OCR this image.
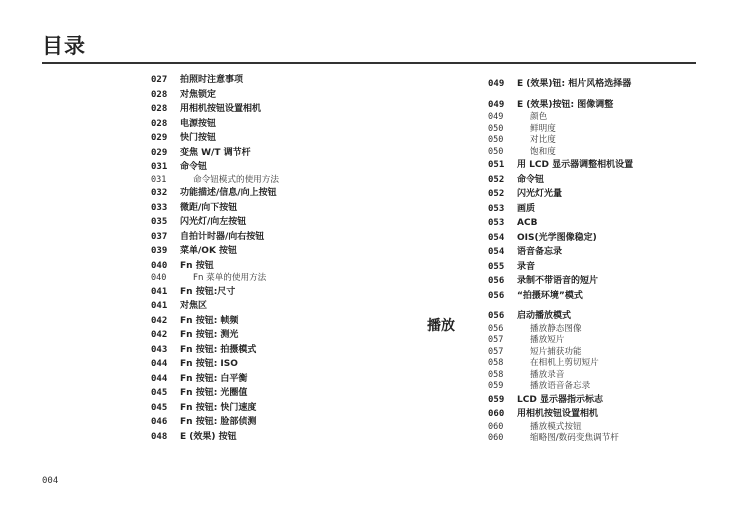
目录
027	拍照时注意事项
028	对焦锁定
028	用相机按钮设置相机
028	电源按钮
029	快门按钮
029	变焦 W/T 调节杆
031	命令钮
031	命令钮模式的使用方法
032	功能描述/信息/向上按钮
033	微距/向下按钮
035	闪光灯/向左按钮
037	自拍计时器/向右按钮
039	菜单/OK 按钮
040	Fn 按钮
040	Fn 菜单的使用方法
041	Fn 按钮:尺寸
041	对焦区
042	Fn 按钮: 帧频
042	Fn 按钮: 测光
043	Fn 按钮: 拍摄模式
044	Fn 按钮: ISO
044	Fn 按钮: 白平衡
045	Fn 按钮: 光圈值
045	Fn 按钮: 快门速度
046	Fn 按钮: 脸部侦测
048	E (效果) 按钮
049	E (效果)钮: 相片风格选择器
049	E (效果)按钮: 图像调整
049	颜色
050	鲜明度
050	对比度
050	饱和度
051	用 LCD 显示器调整相机设置
052	命令钮
052	闪光灯光量
053	画质
053	ACB
054	OIS(光学图像稳定)
054	语音备忘录
055	录音
056	录制不带语音的短片
056	“拍摄环境”模式
056	启动播放模式
056	播放静态图像
057	播放短片
057	短片捕获功能
058	在相机上剪切短片
058	播放录音
059	播放语音备忘录
059	LCD 显示器指示标志
060	用相机按钮设置相机
060	播放模式按钮
060	缩略图/数码变焦调节杆
播放
004
